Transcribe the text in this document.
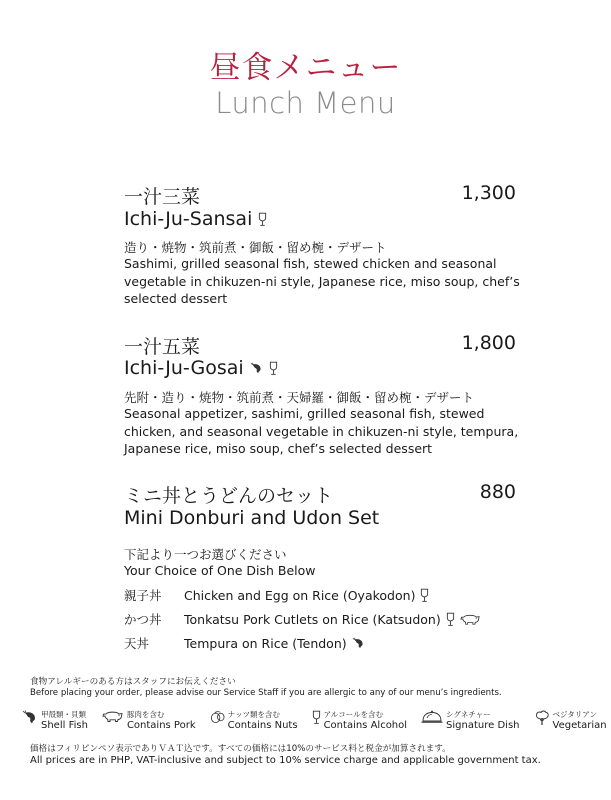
昼食メニュー
Lunch Menu
一汁三菜	1,300
Ichi-Ju-Sansai
造り・焼物・筑前煮・御飯・留め椀・デザート
Sashimi, grilled seasonal fish, stewed chicken and seasonal vegetable in chikuzen-ni style, Japanese rice, miso soup, chef’s selected dessert
一汁五菜	1,800
Ichi-Ju-Gosai
先附・造り・焼物・筑前煮・天婦羅・御飯・留め椀・デザート
Seasonal appetizer, sashimi, grilled seasonal fish, stewed chicken, and seasonal vegetable in chikuzen-ni style, tempura, Japanese rice, miso soup, chef’s selected dessert
ミニ丼とうどんのセット	880
Mini Donburi and Udon Set
下記より一つお選びください
Your Choice of One Dish Below
親子丼	Chicken and Egg on Rice (Oyakodon)
かつ丼	Tonkatsu Pork Cutlets on Rice (Katsudon)
天丼	Tempura on Rice (Tendon)
食物アレルギーのある方はスタッフにお伝えください
Before placing your order, please advise our Service Staff if you are allergic to any of our menu’s ingredients.
甲殻類・貝類
Shell Fish
豚肉を含む
Contains Pork
ナッツ類を含む
Contains Nuts
アルコールを含む
Contains Alcohol
シグネチャー
Signature Dish
ベジタリアン
Vegetarian
価格はフィリピンペソ表示でありＶＡＴ込です。すべての価格には10%のサービス料と税金が加算されます。
All prices are in PHP, VAT-inclusive and subject to 10% service charge and applicable government tax.
